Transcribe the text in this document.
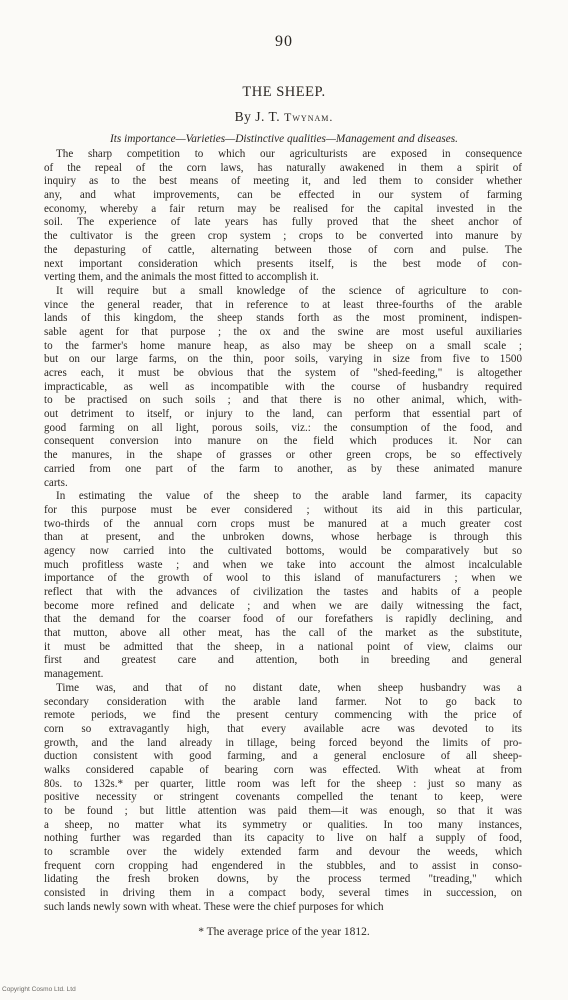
90
THE SHEEP.
By J. T. Twynam.
Its importance—Varieties—Distinctive qualities—Management and diseases.
The sharp competition to which our agriculturists are exposed in consequence
of the repeal of the corn laws, has naturally awakened in them a spirit of
inquiry as to the best means of meeting it, and led them to consider whether
any, and what improvements, can be effected in our system of farming
economy, whereby a fair return may be realised for the capital invested in the
soil. The experience of late years has fully proved that the sheet anchor of
the cultivator is the green crop system ; crops to be converted into manure by
the depasturing of cattle, alternating between those of corn and pulse. The
next important consideration which presents itself, is the best mode of con-
verting them, and the animals the most fitted to accomplish it.
It will require but a small knowledge of the science of agriculture to con-
vince the general reader, that in reference to at least three-fourths of the arable
lands of this kingdom, the sheep stands forth as the most prominent, indispen-
sable agent for that purpose ; the ox and the swine are most useful auxiliaries
to the farmer's home manure heap, as also may be sheep on a small scale ;
but on our large farms, on the thin, poor soils, varying in size from five to 1500
acres each, it must be obvious that the system of "shed-feeding," is altogether
impracticable, as well as incompatible with the course of husbandry required
to be practised on such soils ; and that there is no other animal, which, with-
out detriment to itself, or injury to the land, can perform that essential part of
good farming on all light, porous soils, viz.: the consumption of the food, and
consequent conversion into manure on the field which produces it. Nor can
the manures, in the shape of grasses or other green crops, be so effectively
carried from one part of the farm to another, as by these animated manure
carts.
In estimating the value of the sheep to the arable land farmer, its capacity
for this purpose must be ever considered ; without its aid in this particular,
two-thirds of the annual corn crops must be manured at a much greater cost
than at present, and the unbroken downs, whose herbage is through this
agency now carried into the cultivated bottoms, would be comparatively but so
much profitless waste ; and when we take into account the almost incalculable
importance of the growth of wool to this island of manufacturers ; when we
reflect that with the advances of civilization the tastes and habits of a people
become more refined and delicate ; and when we are daily witnessing the fact,
that the demand for the coarser food of our forefathers is rapidly declining, and
that mutton, above all other meat, has the call of the market as the substitute,
it must be admitted that the sheep, in a national point of view, claims our
first and greatest care and attention, both in breeding and general
management.
Time was, and that of no distant date, when sheep husbandry was a
secondary consideration with the arable land farmer. Not to go back to
remote periods, we find the present century commencing with the price of
corn so extravagantly high, that every available acre was devoted to its
growth, and the land already in tillage, being forced beyond the limits of pro-
duction consistent with good farming, and a general enclosure of all sheep-
walks considered capable of bearing corn was effected. With wheat at from
80s. to 132s.* per quarter, little room was left for the sheep : just so many as
positive necessity or stringent covenants compelled the tenant to keep, were
to be found ; but little attention was paid them—it was enough, so that it was
a sheep, no matter what its symmetry or qualities. In too many instances,
nothing further was regarded than its capacity to live on half a supply of food,
to scramble over the widely extended farm and devour the weeds, which
frequent corn cropping had engendered in the stubbles, and to assist in conso-
lidating the fresh broken downs, by the process termed "treading," which
consisted in driving them in a compact body, several times in succession, on
such lands newly sown with wheat. These were the chief purposes for which
* The average price of the year 1812.
Copyright Cosmo Ltd. Ltd
